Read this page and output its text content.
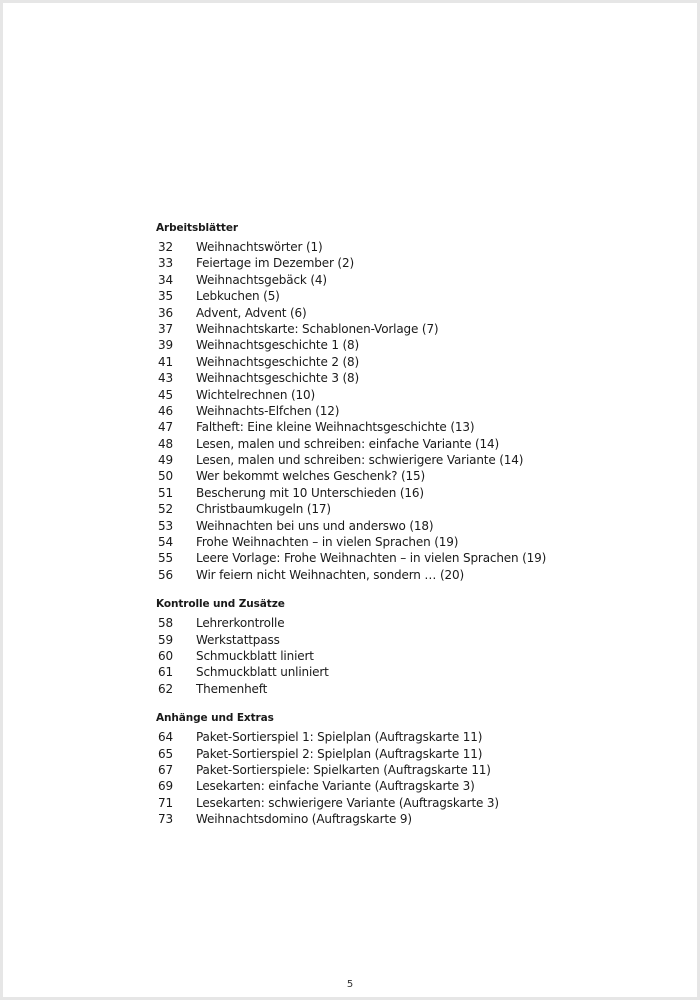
Arbeitsblätter
32	Weihnachtswörter (1)
33	Feiertage im Dezember (2)
34	Weihnachtsgebäck (4)
35	Lebkuchen (5)
36	Advent, Advent (6)
37	Weihnachtskarte: Schablonen-Vorlage (7)
39	Weihnachtsgeschichte 1 (8)
41	Weihnachtsgeschichte 2 (8)
43	Weihnachtsgeschichte 3 (8)
45	Wichtelrechnen (10)
46	Weihnachts-Elfchen (12)
47	Faltheft: Eine kleine Weihnachtsgeschichte (13)
48	Lesen, malen und schreiben: einfache Variante (14)
49	Lesen, malen und schreiben: schwierigere Variante (14)
50	Wer bekommt welches Geschenk? (15)
51	Bescherung mit 10 Unterschieden (16)
52	Christbaumkugeln (17)
53	Weihnachten bei uns und anderswo (18)
54	Frohe Weihnachten – in vielen Sprachen (19)
55	Leere Vorlage: Frohe Weihnachten – in vielen Sprachen (19)
56	Wir feiern nicht Weihnachten, sondern … (20)
Kontrolle und Zusätze
58	Lehrerkontrolle
59	Werkstattpass
60	Schmuckblatt liniert
61	Schmuckblatt unliniert
62	Themenheft
Anhänge und Extras
64	Paket-Sortierspiel 1: Spielplan (Auftragskarte 11)
65	Paket-Sortierspiel 2: Spielplan (Auftragskarte 11)
67	Paket-Sortierspiele: Spielkarten (Auftragskarte 11)
69	Lesekarten: einfache Variante (Auftragskarte 3)
71	Lesekarten: schwierigere Variante (Auftragskarte 3)
73	Weihnachtsdomino (Auftragskarte 9)
5
